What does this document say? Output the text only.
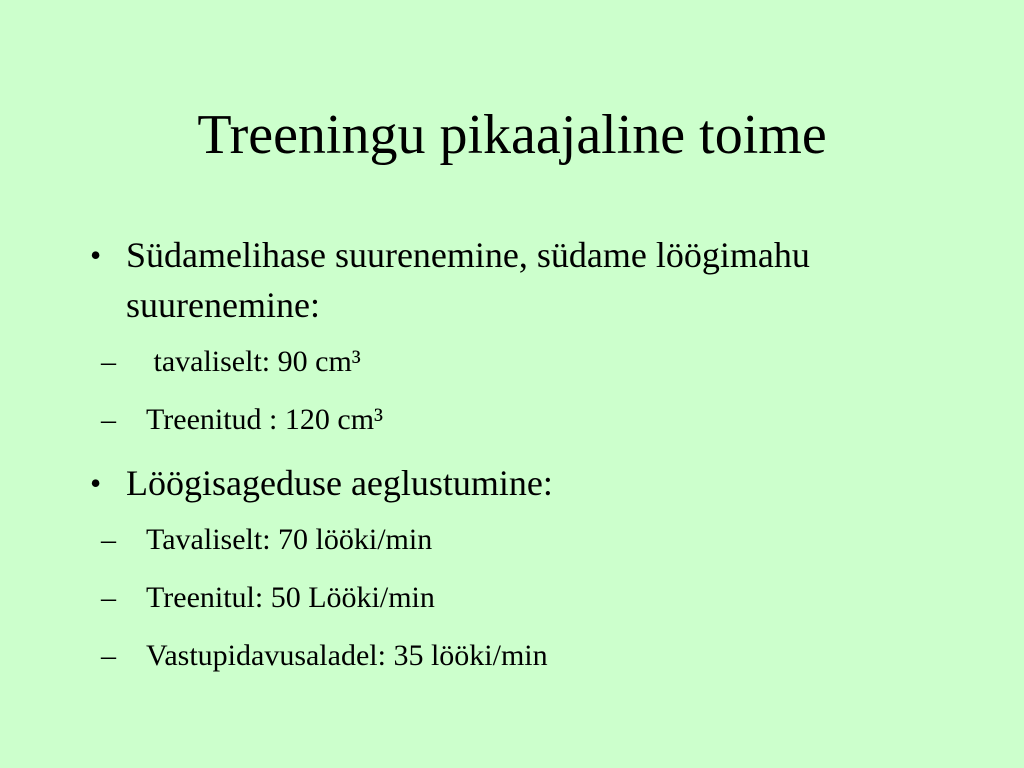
Treeningu pikaajaline toime
• Südamelihase suurenemine, südame löögimahu suurenemine:
– tavaliselt: 90 cm³
– Treenitud : 120 cm³
• Löögisageduse aeglustumine:
– Tavaliselt: 70 lööki/min
– Treenitul: 50 Lööki/min
– Vastupidavusaladel: 35 lööki/min
